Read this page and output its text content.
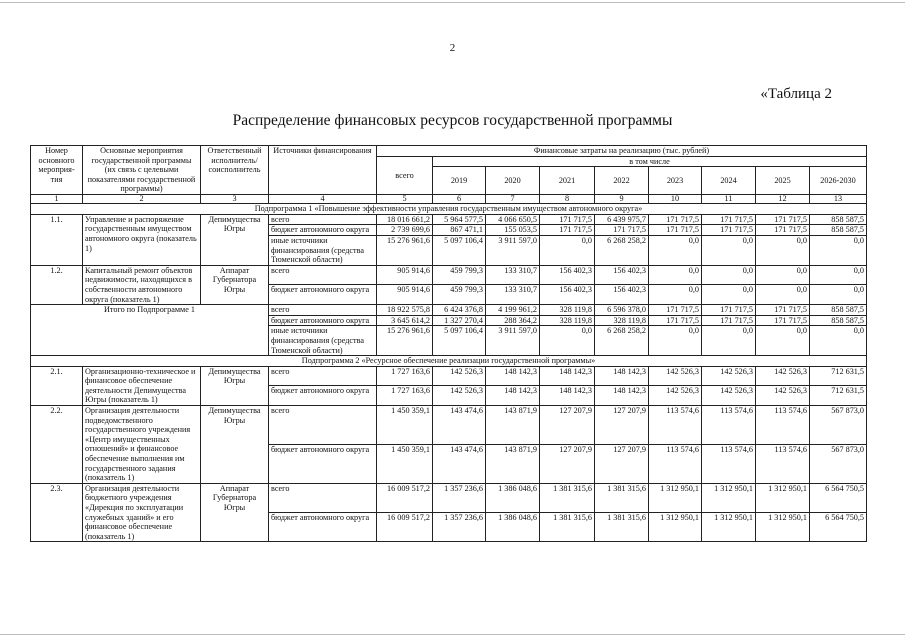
2
«Таблица 2
Распределение финансовых ресурсов государственной программы
Номер основного мероприя-тия	Основные мероприятия государственной программы (их связь с целевыми показателями государственной программы)	Ответственный исполнитель/ соисполнитель	Источники финансирования	Финансовые затраты на реализацию (тыс. рублей)								
				всего	в том числе							
					2019	2020	2021	2022	2023	2024	2025	2026-2030
1	2	3	4	5	6	7	8	9	10	11	12	13
Подпрограмма 1 «Повышение эффективности управления государственным имуществом автономного округа»												
1.1.	Управление и распоряжение государственным имуществом автономного округа (показатель 1)	Депимущества Югры	всего	18 016 661,2	5 964 577,5	4 066 650,5	171 717,5	6 439 975,7	171 717,5	171 717,5	171 717,5	858 587,5
			бюджет автономного округа	2 739 699,6	867 471,1	155 053,5	171 717,5	171 717,5	171 717,5	171 717,5	171 717,5	858 587,5
			иные источники финансирования (средства Тюменской области)	15 276 961,6	5 097 106,4	3 911 597,0	0,0	6 268 258,2	0,0	0,0	0,0	0,0
1.2.	Капитальный ремонт объектов недвижимости, находящихся в собственности автономного округа (показатель 1)	Аппарат Губернатора Югры	всего	905 914,6	459 799,3	133 310,7	156 402,3	156 402,3	0,0	0,0	0,0	0,0
			бюджет автономного округа	905 914,6	459 799,3	133 310,7	156 402,3	156 402,3	0,0	0,0	0,0	0,0
Итого по Подпрограмме 1			всего	18 922 575,8	6 424 376,8	4 199 961,2	328 119,8	6 596 378,0	171 717,5	171 717,5	171 717,5	858 587,5
			бюджет автономного округа	3 645 614,2	1 327 270,4	288 364,2	328 119,8	328 119,8	171 717,5	171 717,5	171 717,5	858 587,5
			иные источники финансирования (средства Тюменской области)	15 276 961,6	5 097 106,4	3 911 597,0	0,0	6 268 258,2	0,0	0,0	0,0	0,0
Подпрограмма 2 «Ресурсное обеспечение реализации государственной программы»												
2.1.	Организационно-техническое и финансовое обеспечение деятельности Депимущества Югры (показатель 1)	Депимущества Югры	всего	1 727 163,6	142 526,3	148 142,3	148 142,3	148 142,3	142 526,3	142 526,3	142 526,3	712 631,5
			бюджет автономного округа	1 727 163,6	142 526,3	148 142,3	148 142,3	148 142,3	142 526,3	142 526,3	142 526,3	712 631,5
2.2.	Организация деятельности подведомственного государственного учреждения «Центр имущественных отношений» и финансовое обеспечение выполнения им государственного задания (показатель 1)	Депимущества Югры	всего	1 450 359,1	143 474,6	143 871,9	127 207,9	127 207,9	113 574,6	113 574,6	113 574,6	567 873,0
			бюджет автономного округа	1 450 359,1	143 474,6	143 871,9	127 207,9	127 207,9	113 574,6	113 574,6	113 574,6	567 873,0
2.3.	Организация деятельности бюджетного учреждения «Дирекция по эксплуатации служебных зданий» и его финансовое обеспечение (показатель 1)	Аппарат Губернатора Югры	всего	16 009 517,2	1 357 236,6	1 386 048,6	1 381 315,6	1 381 315,6	1 312 950,1	1 312 950,1	1 312 950,1	6 564 750,5
			бюджет автономного округа	16 009 517,2	1 357 236,6	1 386 048,6	1 381 315,6	1 381 315,6	1 312 950,1	1 312 950,1	1 312 950,1	6 564 750,5
